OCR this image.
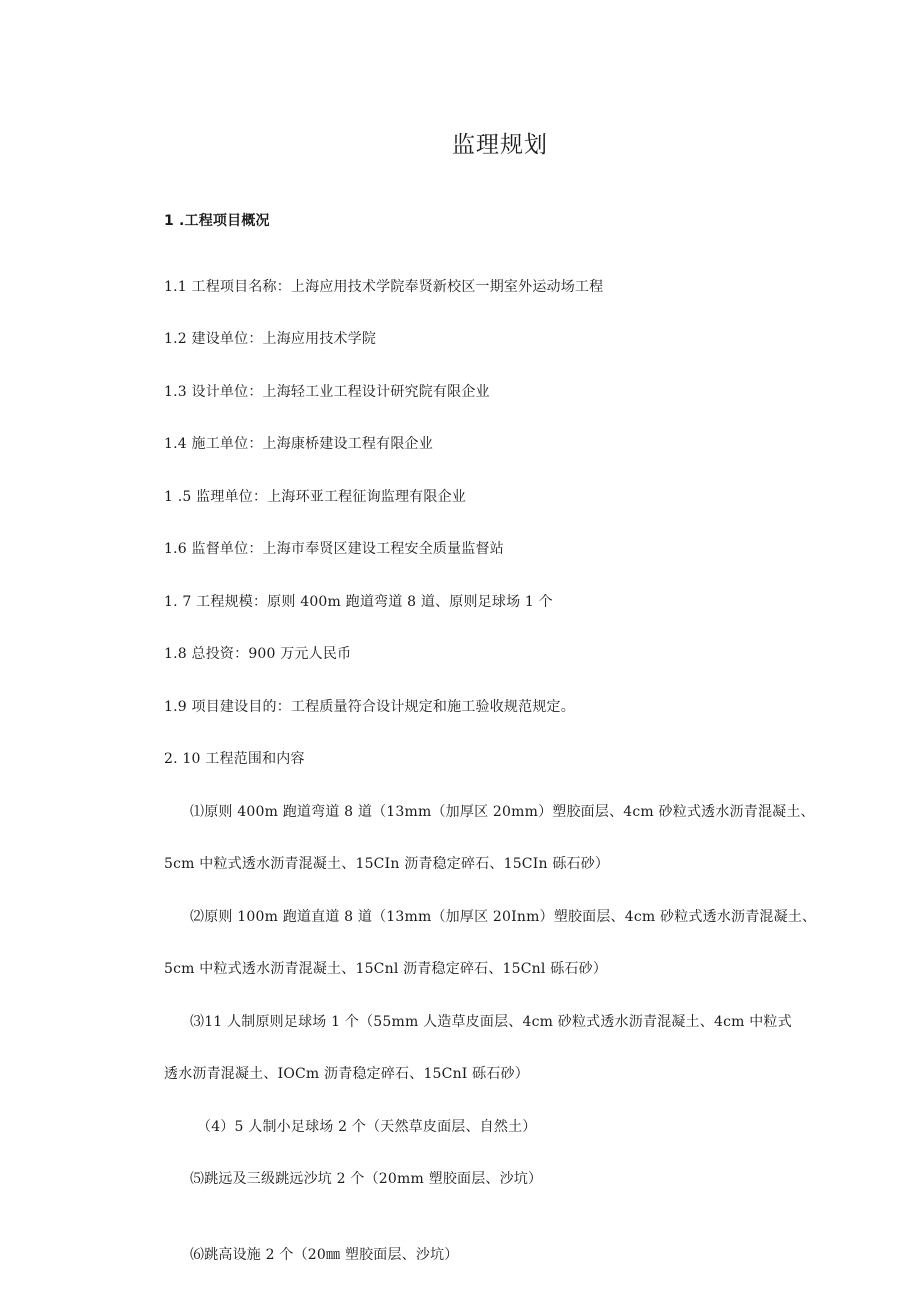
监理规划
1 .工程项目概况
1.1 工程项目名称：上海应用技术学院奉贤新校区一期室外运动场工程
1.2 建设单位：上海应用技术学院
1.3 设计单位：上海轻工业工程设计研究院有限企业
1.4 施工单位：上海康桥建设工程有限企业
1 .5 监理单位：上海环亚工程征询监理有限企业
1.6 监督单位：上海市奉贤区建设工程安全质量监督站
1. 7 工程规模：原则 400m 跑道弯道 8 道、原则足球场 1 个
1.8 总投资：900 万元人民币
1.9 项目建设目的：工程质量符合设计规定和施工验收规范规定。
2. 10 工程范围和内容
⑴原则 400m 跑道弯道 8 道（13mm（加厚区 20mm）塑胶面层、4cm 砂粒式透水沥青混凝土、
5cm 中粒式透水沥青混凝土、15CIn 沥青稳定碎石、15CIn 砾石砂）
⑵原则 100m 跑道直道 8 道（13mm（加厚区 20Inm）塑胶面层、4cm 砂粒式透水沥青混凝土、
5cm 中粒式透水沥青混凝土、15Cnl 沥青稳定碎石、15Cnl 砾石砂）
⑶11 人制原则足球场 1 个（55mm 人造草皮面层、4cm 砂粒式透水沥青混凝土、4cm 中粒式
透水沥青混凝土、IOCm 沥青稳定碎石、15CnI 砾石砂）
（4）5 人制小足球场 2 个（天然草皮面层、自然土）
⑸跳远及三级跳远沙坑 2 个（20mm 塑胶面层、沙坑）
⑹跳高设施 2 个（20㎜ 塑胶面层、沙坑）
